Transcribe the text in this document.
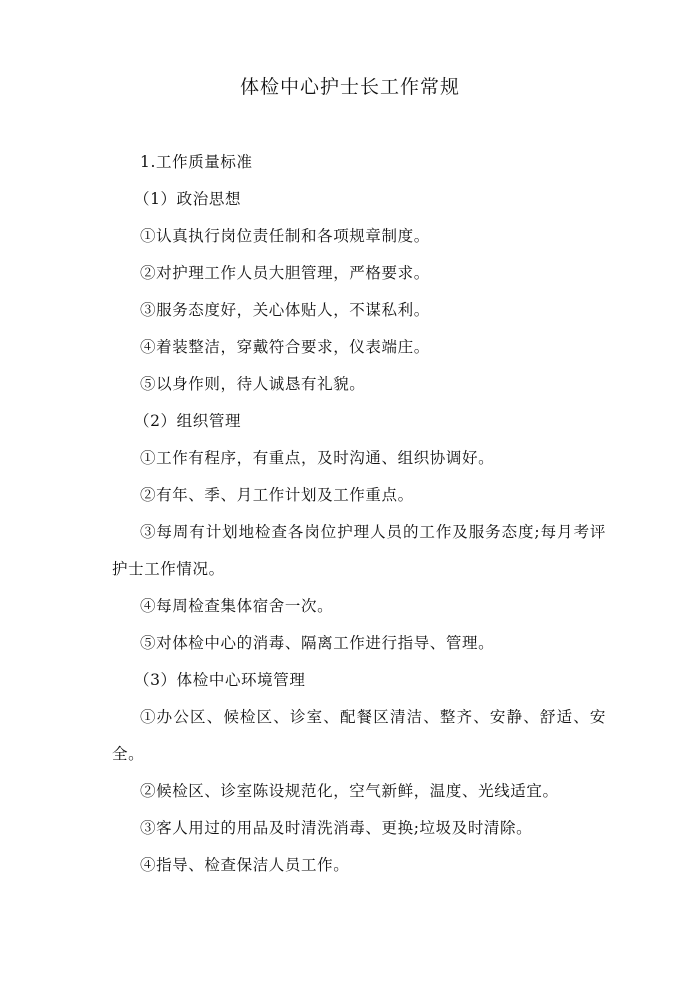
体检中心护士长工作常规

1.工作质量标准

（1）政治思想

①认真执行岗位责任制和各项规章制度。

②对护理工作人员大胆管理，严格要求。

③服务态度好，关心体贴人，不谋私利。

④着装整洁，穿戴符合要求，仪表端庄。

⑤以身作则，待人诚恳有礼貌。

（2）组织管理

①工作有程序，有重点，及时沟通、组织协调好。

②有年、季、月工作计划及工作重点。

③每周有计划地检查各岗位护理人员的工作及服务态度;每月考评护士工作情况。

④每周检查集体宿舍一次。

⑤对体检中心的消毒、隔离工作进行指导、管理。

（3）体检中心环境管理

①办公区、候检区、诊室、配餐区清洁、整齐、安静、舒适、安全。

②候检区、诊室陈设规范化，空气新鲜，温度、光线适宜。

③客人用过的用品及时清洗消毒、更换;垃圾及时清除。

④指导、检查保洁人员工作。
